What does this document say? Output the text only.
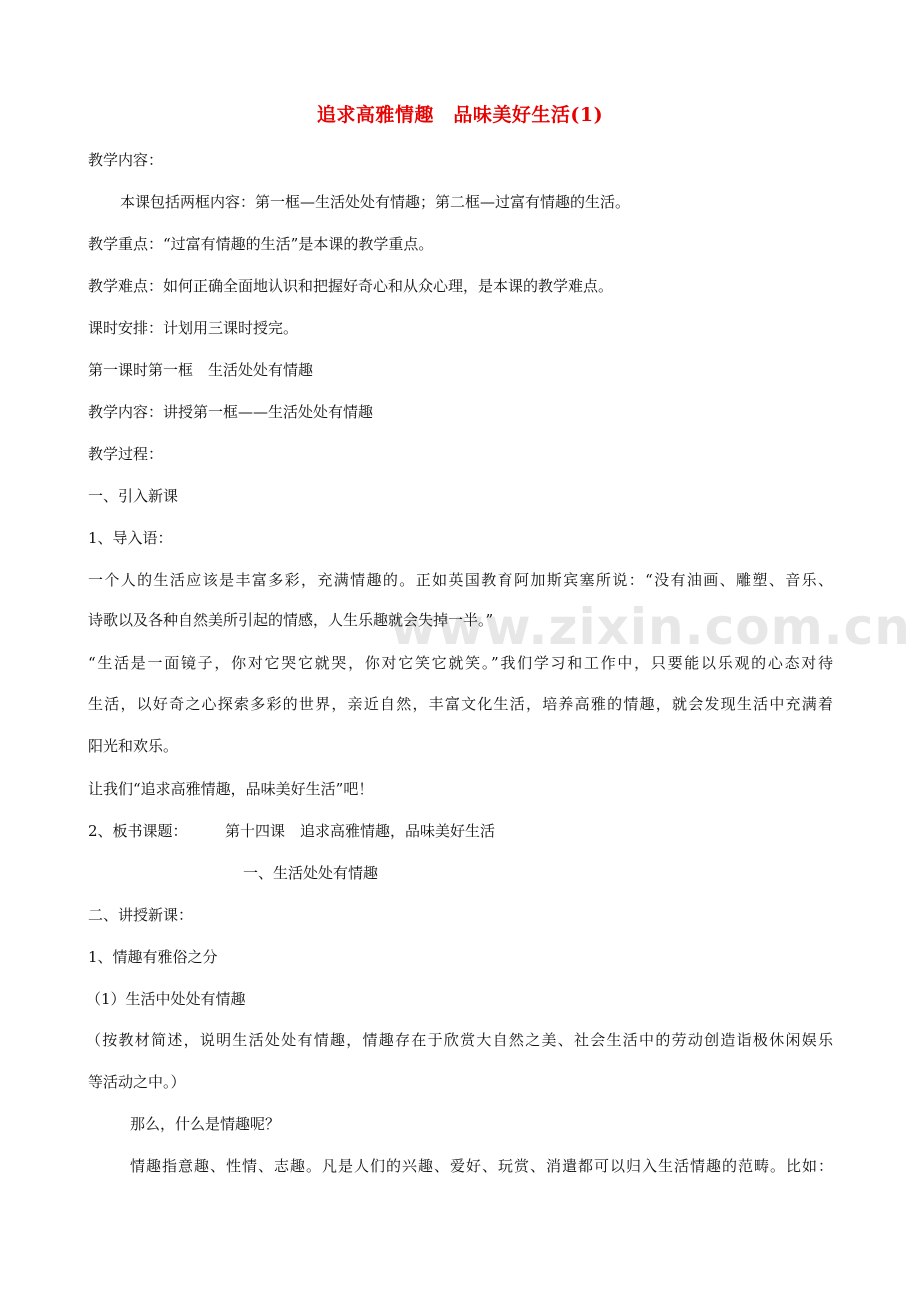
www.zixin.com.cn
追求高雅情趣　品味美好生活(1)
教学内容：
本课包括两框内容：第一框—生活处处有情趣；第二框—过富有情趣的生活。
教学重点：“过富有情趣的生活”是本课的教学重点。
教学难点：如何正确全面地认识和把握好奇心和从众心理，是本课的教学难点。
课时安排：计划用三课时授完。
第一课时第一框　生活处处有情趣
教学内容：讲授第一框——生活处处有情趣
教学过程：
一、引入新课
1、导入语：
一个人的生活应该是丰富多彩，充满情趣的。正如英国教育阿加斯宾塞所说：“没有油画、雕塑、音乐、
诗歌以及各种自然美所引起的情感，人生乐趣就会失掉一半。”
“生活是一面镜子，你对它哭它就哭，你对它笑它就笑。”我们学习和工作中，只要能以乐观的心态对待
生活，以好奇之心探索多彩的世界，亲近自然，丰富文化生活，培养高雅的情趣，就会发现生活中充满着
阳光和欢乐。
让我们“追求高雅情趣，品味美好生活”吧！
2、板书课题：　　　第十四课　追求高雅情趣，品味美好生活
一、生活处处有情趣
二、讲授新课：
1、情趣有雅俗之分
（1）生活中处处有情趣
（按教材简述，说明生活处处有情趣，情趣存在于欣赏大自然之美、社会生活中的劳动创造诣极休闲娱乐
等活动之中。）
那么，什么是情趣呢？
情趣指意趣、性情、志趣。凡是人们的兴趣、爱好、玩赏、消遣都可以归入生活情趣的范畴。比如：
